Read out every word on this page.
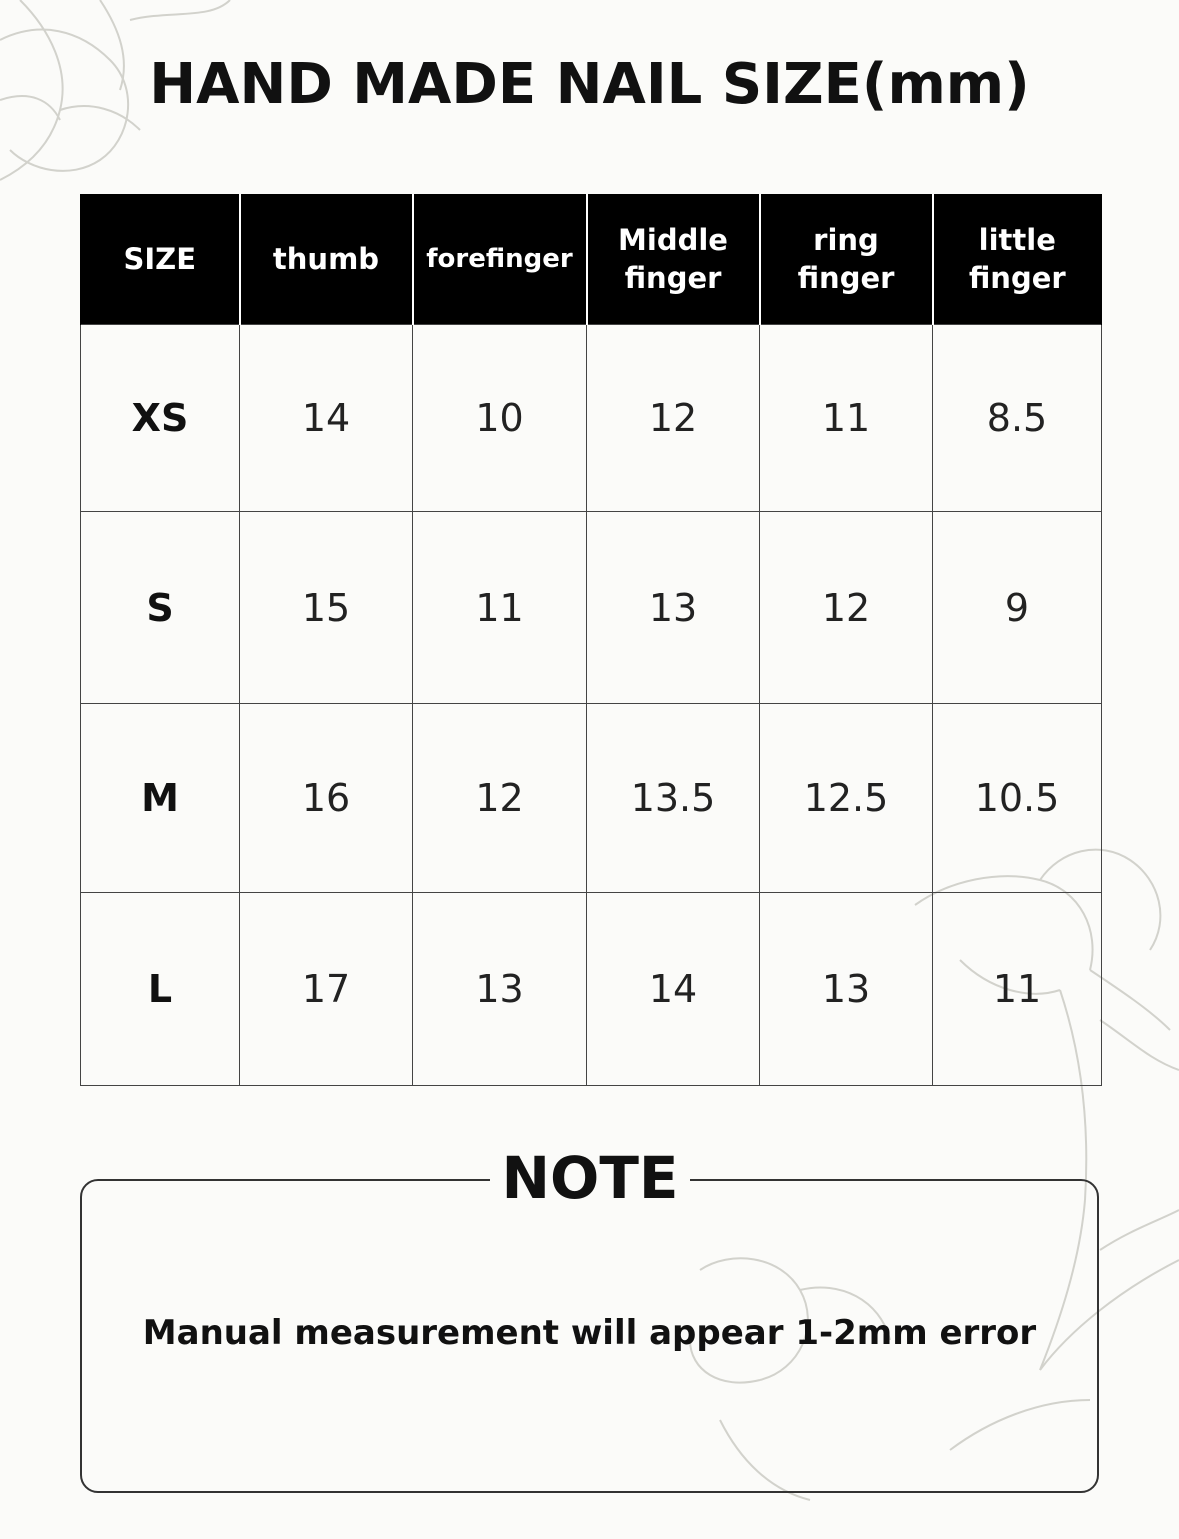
HAND MADE NAIL SIZE(mm)
SIZE	thumb	forefinger	Middle finger	ring finger	little finger

XS	14	10	12	11	8.5
S	15	11	13	12	9
M	16	12	13.5	12.5	10.5
L	17	13	14	13	11
NOTE
Manual measurement will appear 1-2mm error
